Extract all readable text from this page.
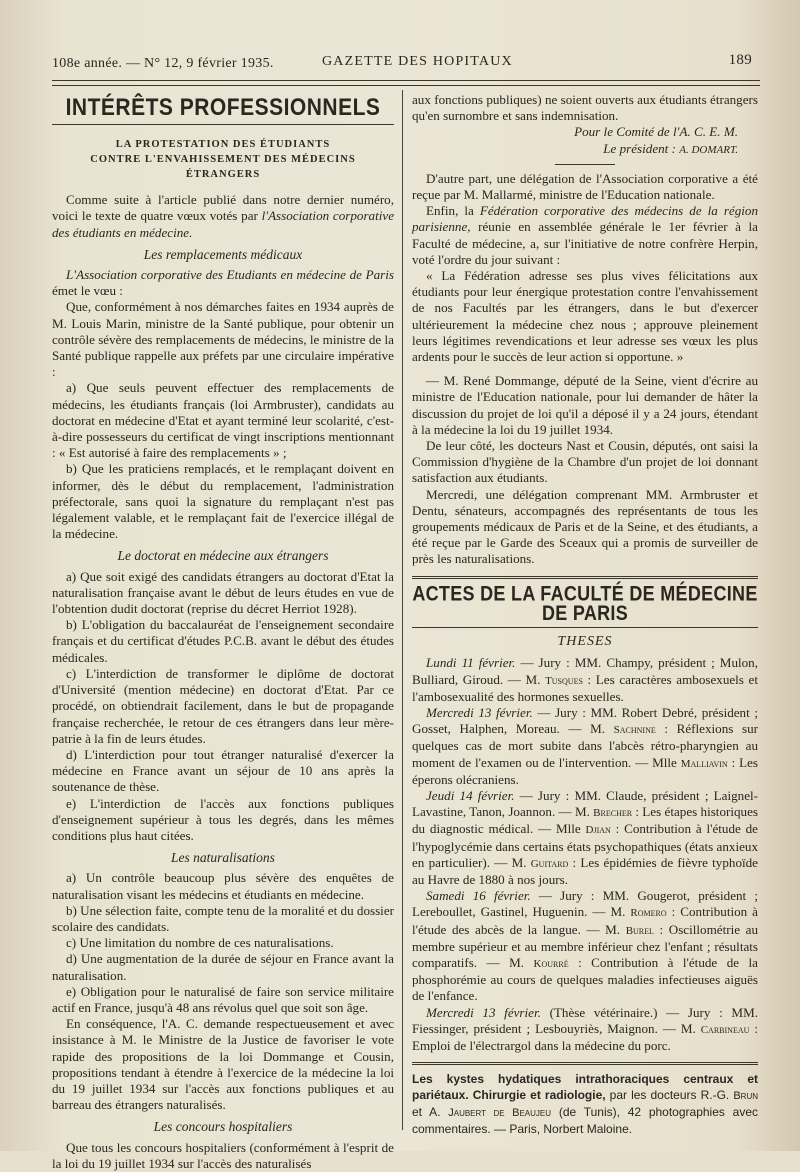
108e année. — N° 12, 9 février 1935.	GAZETTE DES HOPITAUX	189
INTÉRÊTS PROFESSIONNELS
LA PROTESTATION DES ÉTUDIANTS
CONTRE L'ENVAHISSEMENT DES MÉDECINS ÉTRANGERS

Comme suite à l'article publié dans notre dernier numéro, voici le texte de quatre vœux votés par l'Association corporative des étudiants en médecine.

Les remplacements médicaux

L'Association corporative des Etudiants en médecine de Paris émet le vœu :

Que, conformément à nos démarches faites en 1934 auprès de M. Louis Marin, ministre de la Santé publique, pour obtenir un contrôle sévère des remplacements de médecins, le ministre de la Santé publique rappelle aux préfets par une circulaire impérative :

a) Que seuls peuvent effectuer des remplacements de médecins, les étudiants français (loi Armbruster), candidats au doctorat en médecine d'Etat et ayant terminé leur scolarité, c'est-à-dire possesseurs du certificat de vingt inscriptions mentionnant : « Est autorisé à faire des remplacements » ;

b) Que les praticiens remplacés, et le remplaçant doivent en informer, dès le début du remplacement, l'administration préfectorale, sans quoi la signature du remplaçant n'est pas légalement valable, et le remplaçant fait de l'exercice illégal de la médecine.

Le doctorat en médecine aux étrangers

a) Que soit exigé des candidats étrangers au doctorat d'Etat la naturalisation française avant le début de leurs études en vue de l'obtention dudit doctorat (reprise du décret Herriot 1928).

b) L'obligation du baccalauréat de l'enseignement secondaire français et du certificat d'études P.C.B. avant le début des études médicales.

c) L'interdiction de transformer le diplôme de doctorat d'Université (mention médecine) en doctorat d'Etat. Par ce procédé, on obtiendrait facilement, dans le but de propagande française recherchée, le retour de ces étrangers dans leur mère-patrie à la fin de leurs études.

d) L'interdiction pour tout étranger naturalisé d'exercer la médecine en France avant un séjour de 10 ans après la soutenance de thèse.

e) L'interdiction de l'accès aux fonctions publiques d'enseignement supérieur à tous les degrés, dans les mêmes conditions plus haut citées.

Les naturalisations

a) Un contrôle beaucoup plus sévère des enquêtes de naturalisation visant les médecins et étudiants en médecine.

b) Une sélection faite, compte tenu de la moralité et du dossier scolaire des candidats.

c) Une limitation du nombre de ces naturalisations.

d) Une augmentation de la durée de séjour en France avant la naturalisation.

e) Obligation pour le naturalisé de faire son service militaire actif en France, jusqu'à 48 ans révolus quel que soit son âge.

En conséquence, l'A. C. demande respectueusement et avec insistance à M. le Ministre de la Justice de favoriser le vote rapide des propositions de la loi Dommange et Cousin, propositions tendant à étendre à l'exercice de la médecine la loi du 19 juillet 1934 sur l'accès aux fonctions publiques et au barreau des étrangers naturalisés.

Les concours hospitaliers

Que tous les concours hospitaliers (conformément à l'esprit de la loi du 19 juillet 1934 sur l'accès des naturalisés

aux fonctions publiques) ne soient ouverts aux étudiants étrangers qu'en surnombre et sans indemnisation.

Pour le Comité de l'A. C. E. M.

Le président : A. DOMART.

D'autre part, une délégation de l'Association corporative a été reçue par M. Mallarmé, ministre de l'Education nationale.

Enfin, la Fédération corporative des médecins de la région parisienne, réunie en assemblée générale le 1er février à la Faculté de médecine, a, sur l'initiative de notre confrère Herpin, voté l'ordre du jour suivant :

« La Fédération adresse ses plus vives félicitations aux étudiants pour leur énergique protestation contre l'envahissement de nos Facultés par les étrangers, dans le but d'exercer ultérieurement la médecine chez nous ; approuve pleinement leurs légitimes revendications et leur adresse ses vœux les plus ardents pour le succès de leur action si opportune. »

— M. René Dommange, député de la Seine, vient d'écrire au ministre de l'Education nationale, pour lui demander de hâter la discussion du projet de loi qu'il a déposé il y a 24 jours, étendant à la médecine la loi du 19 juillet 1934.

De leur côté, les docteurs Nast et Cousin, députés, ont saisi la Commission d'hygiène de la Chambre d'un projet de loi donnant satisfaction aux étudiants.

Mercredi, une délégation comprenant MM. Armbruster et Dentu, sénateurs, accompagnés des représentants de tous les groupements médicaux de Paris et de la Seine, et des étudiants, a été reçue par le Garde des Sceaux qui a promis de surveiller de près les naturalisations.

ACTES DE LA FACULTÉ DE MÉDECINE DE PARIS
THESES

Lundi 11 février. — Jury : MM. Champy, président ; Mulon, Bulliard, Giroud. — M. Tusques : Les caractères ambosexuels et l'ambosexualité des hormones sexuelles.

Mercredi 13 février. — Jury : MM. Robert Debré, président ; Gosset, Halphen, Moreau. — M. Sachnine : Réflexions sur quelques cas de mort subite dans l'abcès rétro-pharyngien au moment de l'examen ou de l'intervention. — Mlle Malliavin : Les éperons olécraniens.

Jeudi 14 février. — Jury : MM. Claude, président ; Laignel-Lavastine, Tanon, Joannon. — M. Brecher : Les étapes historiques du diagnostic médical. — Mlle Djian : Contribution à l'étude de l'hypoglycémie dans certains états psychopathiques (états anxieux en particulier). — M. Guitard : Les épidémies de fièvre typhoïde au Havre de 1880 à nos jours.

Samedi 16 février. — Jury : MM. Gougerot, président ; Lereboullet, Gastinel, Huguenin. — M. Romero : Contribution à l'étude des abcès de la langue. — M. Burel : Oscillométrie au membre supérieur et au membre inférieur chez l'enfant ; résultats comparatifs. — M. Kourré : Contribution à l'étude de la phosphorémie au cours de quelques maladies infectieuses aiguës de l'enfance.

Mercredi 13 février. (Thèse vétérinaire.) — Jury : MM. Fiessinger, président ; Lesbouyriès, Maignon. — M. Carbineau : Emploi de l'électrargol dans la médecine du porc.

Les kystes hydatiques intrathoraciques centraux et pariétaux. Chirurgie et radiologie, par les docteurs R.-G. Brun et A. Jaubert de Beaujeu (de Tunis), 42 photographies avec commentaires. — Paris, Norbert Maloine.
